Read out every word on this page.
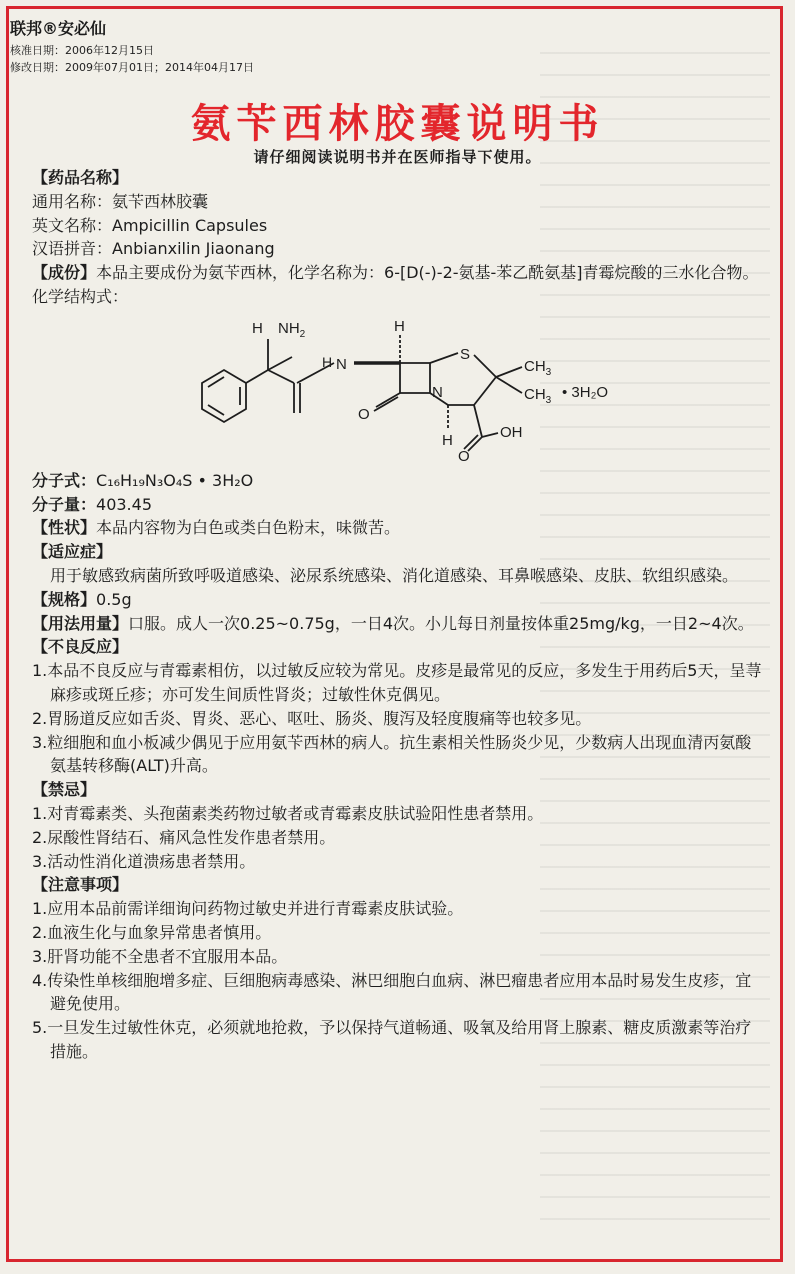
联邦®安必仙
核准日期：2006年12月15日
修改日期：2009年07月01日；2014年04月17日
氨苄西林胶囊说明书
请仔细阅读说明书并在医师指导下使用。

【药品名称】

通用名称：氨苄西林胶囊

英文名称：Ampicillin Capsules

汉语拼音：Anbianxilin Jiaonang

【成份】本品主要成份为氨苄西林，化学名称为：6-[D(-)-2-氨基-苯乙酰氨基]青霉烷酸的三水化合物。

化学结构式：

H $NH_2$
N
H
H
S
$CH_3$
$CH_3$
N
O
H	OH
O
• 3H₂O

分子式：C₁₆H₁₉N₃O₄S • 3H₂O

分子量：403.45

【性状】本品内容物为白色或类白色粉末，味微苦。

【适应症】

用于敏感致病菌所致呼吸道感染、泌尿系统感染、消化道感染、耳鼻喉感染、皮肤、软组织感染。

【规格】0.5g

【用法用量】口服。成人一次0.25~0.75g，一日4次。小儿每日剂量按体重25mg/kg，一日2~4次。

【不良反应】

1.本品不良反应与青霉素相仿，以过敏反应较为常见。皮疹是最常见的反应，多发生于用药后5天，呈荨麻疹或斑丘疹；亦可发生间质性肾炎；过敏性休克偶见。

2.胃肠道反应如舌炎、胃炎、恶心、呕吐、肠炎、腹泻及轻度腹痛等也较多见。

3.粒细胞和血小板减少偶见于应用氨苄西林的病人。抗生素相关性肠炎少见，少数病人出现血清丙氨酸氨基转移酶(ALT)升高。

【禁忌】

1.对青霉素类、头孢菌素类药物过敏者或青霉素皮肤试验阳性患者禁用。

2.尿酸性肾结石、痛风急性发作患者禁用。

3.活动性消化道溃疡患者禁用。

【注意事项】

1.应用本品前需详细询问药物过敏史并进行青霉素皮肤试验。

2.血液生化与血象异常患者慎用。

3.肝肾功能不全患者不宜服用本品。

4.传染性单核细胞增多症、巨细胞病毒感染、淋巴细胞白血病、淋巴瘤患者应用本品时易发生皮疹，宜避免使用。

5.一旦发生过敏性休克，必须就地抢救，予以保持气道畅通、吸氧及给用肾上腺素、糖皮质激素等治疗措施。
